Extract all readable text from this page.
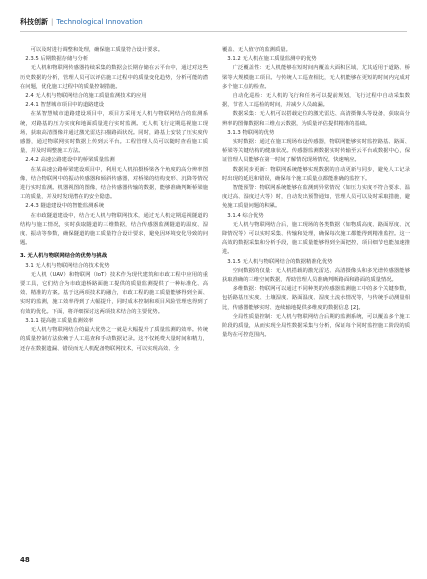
科技创新 | Technological Innovation

可以及时进行调整和处理，确保施工质量符合设计要求。

2.3.5 后期数据存储与分析

无人机和物联网传感器持续采集的数据会长期存储在云平台中，通过对这些历史数据的分析，管理人员可以评估施工过程中的质量变化趋势，分析可能的潜在问题，优化施工过程中的质量控制措施。

2.4 无人机与物联网结合的施工质量监测技术的应用

2.4.1 智慧城市项目中的道路建设

在某智慧城市道路建设项目中，项目方采用无人机与物联网结合的监测系统，对路基的压力实度和地面质量进行实时监测。无人机飞行定期巡视施工现场，获取高清图像并通过激光雷达扫描路面状况。同时，路基上安装了压实度传感器，通过物联网实时数据上传到云平台。工程管理人员可以随时查看施工质量，并及时调整施工方法。

2.4.2 高速公路建设中的桥梁质量监测

在某高速公路桥梁建设项目中，利用无人机拍摄桥梁各个角度的高分辨率图像，结合物联网中的振动传感器和倾斜传感器，对桥梁的结构变形、沉降等情况进行实时监测。机器视图的图像，结合传感器传输的数据，能够准确判断桥梁施工的质量，并及时发现潜在的安全隐患。

2.4.3 隧道建设中的智能监测系统

在市政隧道建设中，结合无人机与物联网技术，通过无人机定期巡视隧道的结构与施工情况，实时获取隧道的三维数据，结合传感器监测隧道的温度、湿度、振动等参数，确保隧道的施工质量符合设计要求，避免因环境变化导致的问题。

3. 无人机与物联网结合的优势与挑战

3.1 无人机与物联网结合的技术优势

无人机（UAV）和物联网（IoT）技术作为现代建筑和市政工程中应用的重要工具，它们结合为市政道桥路面施工提供的质量监测提供了一种标准化、高效、精准的方案。基于这两项技术的融合，市政工程的施工质量能够得到全面、实时的监测，施工效率得到了大幅提升，同时成本控制和项目风险管理也得到了有效的优化。下面，将详细探讨这两项技术结合的主要优势。

3.1.1 提高施工质量监测效率

无人机与物联网结合的最大优势之一就是大幅提升了质量监测的效率。传统的质量控制方法依赖于人工巡查和手动数据记录。这不仅耗费大量时间和精力，还存在数据遗漏、错误而无人机配备物联网技术，可以实现高效、全

覆盖、无人值守的监测质量。

3.1.2 无人机在施工质量监测中的优势

广泛覆盖性：无人机能够在短时间内覆盖大面积区域，尤其适用于道路、桥梁等大规模施工项目。与传统人工巡查相比，无人机能够在更短的时间内完成对多个施工点的检查。

自动化巡检：无人机的飞行和任务可以提前规划，飞行过程中自动采集数据，节省人工巡检的时间，并减少人员疏漏。

数据采集：无人机可以搭载定位的激光雷达、高清摄像头等设备，获取高分辨率的图像数据和三维点云数据，为质量评估提供精准的基础。

3.1.3 物联网的优势

实时数据：通过在施工现场布设传感器，物联网能够实时监控路基、路面、桥梁等关键结构的健康状况。传感器监测数据实时传输至云平台或数据中心，保证管理人员能够在第一时间了解情况现场情况，快速响应。

数据同步更新：物联网系统能够实现数据的自动更新与同步，避免人工记录时出现的延迟和错误，确保每个施工质量点都能准确的监控下。

智能预警：物联网系统能够在监测到异常情况（如压力实度不符合要求、温度过高、湿度过大等）时，自动发出预警通知，管理人员可以及时采取措施，避免施工质量问题的积累。

3.1.4 综合优势

无人机与物联网结合后，施工现场的各类数据（如物质高度、路面厚度、沉降情况等）可以实时采集、传输和处理，确保每次施工都能得到精准监控。这一高效的数据采集和分析手段，施工质量能够得到全面把控，项目细节也能加速推进。

3.1.5 无人机与物联网结合的数据精准化优势

空间数据的仅量：无人机搭载的激光雷达、高清摄像头和多光谱传感器能够获取准确的三维空间数据，帮助管理人员准确判断路面和路面的质量情况。

多维数据：物联网可以通过不同种类的传感器监测施工中的多个关键参数，包括路基压实度、土壤湿度、路面温度、湿度土流水情况等，与传统手动测量相比，传感器能够实时、连续输地提供多维度的数据信息 [2]。

全局性质量控制：无人机与物联网结合后期的监测系统，可以覆盖多个施工阶段的质量，从而实现全局性数据采集与分析，保证每个同时监控施工阶段的质量均在可控范围内。

48
